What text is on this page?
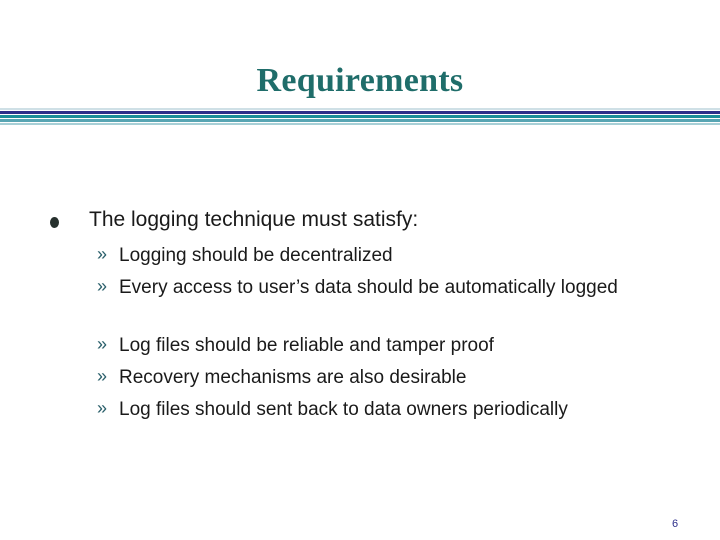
Requirements
The logging technique must satisfy:
» Logging should be decentralized
» Every access to user’s data should be automatically logged
» Log files should be reliable and tamper proof
» Recovery mechanisms are also desirable
» Log files should sent back to data owners periodically
6
